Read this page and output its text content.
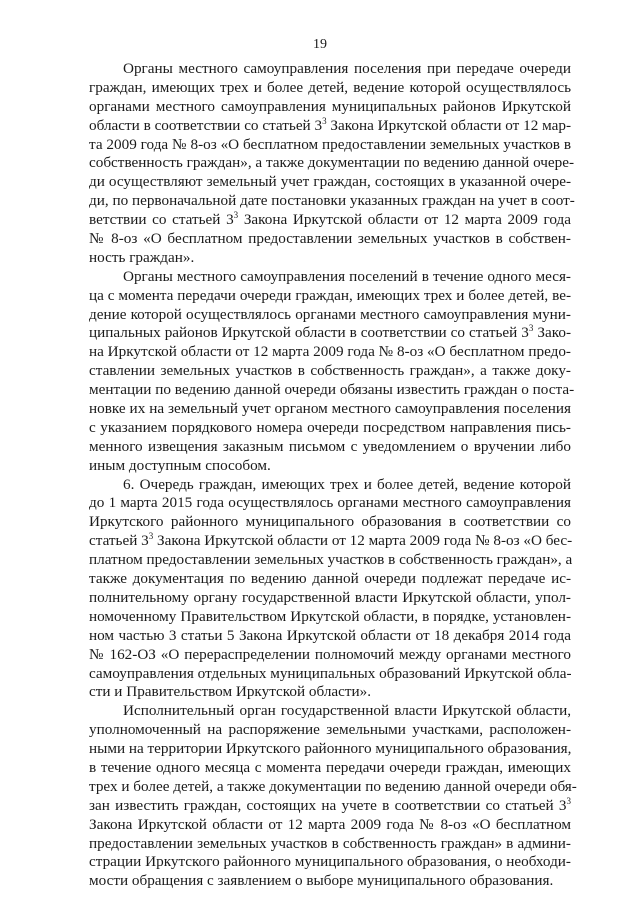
19
Органы местного самоуправления поселения при передаче очереди
граждан, имеющих трех и более детей, ведение которой осуществлялось
органами местного самоуправления муниципальных районов Иркутской
области в соответствии со статьей $3^3$ Закона Иркутской области от 12 мар-
та 2009 года № 8-оз «О бесплатном предоставлении земельных участков в
собственность граждан», а также документации по ведению данной очере-
ди осуществляют земельный учет граждан, состоящих в указанной очере-
ди, по первоначальной дате постановки указанных граждан на учет в соот-
ветствии со статьей $3^3$ Закона Иркутской области от 12 марта 2009 года
№ 8-оз «О бесплатном предоставлении земельных участков в собствен-
ность граждан».
Органы местного самоуправления поселений в течение одного меся-
ца с момента передачи очереди граждан, имеющих трех и более детей, ве-
дение которой осуществлялось органами местного самоуправления муни-
ципальных районов Иркутской области в соответствии со статьей $3^3$ Зако-
на Иркутской области от 12 марта 2009 года № 8-оз «О бесплатном предо-
ставлении земельных участков в собственность граждан», а также доку-
ментации по ведению данной очереди обязаны известить граждан о поста-
новке их на земельный учет органом местного самоуправления поселения
с указанием порядкового номера очереди посредством направления пись-
менного извещения заказным письмом с уведомлением о вручении либо
иным доступным способом.
6. Очередь граждан, имеющих трех и более детей, ведение которой
до 1 марта 2015 года осуществлялось органами местного самоуправления
Иркутского районного муниципального образования в соответствии со
статьей $3^3$ Закона Иркутской области от 12 марта 2009 года № 8-оз «О бес-
платном предоставлении земельных участков в собственность граждан», а
также документация по ведению данной очереди подлежат передаче ис-
полнительному органу государственной власти Иркутской области, упол-
номоченному Правительством Иркутской области, в порядке, установлен-
ном частью 3 статьи 5 Закона Иркутской области от 18 декабря 2014 года
№ 162-ОЗ «О перераспределении полномочий между органами местного
самоуправления отдельных муниципальных образований Иркутской обла-
сти и Правительством Иркутской области».
Исполнительный орган государственной власти Иркутской области,
уполномоченный на распоряжение земельными участками, расположен-
ными на территории Иркутского районного муниципального образования,
в течение одного месяца с момента передачи очереди граждан, имеющих
трех и более детей, а также документации по ведению данной очереди обя-
зан известить граждан, состоящих на учете в соответствии со статьей $3^3$
Закона Иркутской области от 12 марта 2009 года № 8-оз «О бесплатном
предоставлении земельных участков в собственность граждан» в админи-
страции Иркутского районного муниципального образования, о необходи-
мости обращения с заявлением о выборе муниципального образования.
